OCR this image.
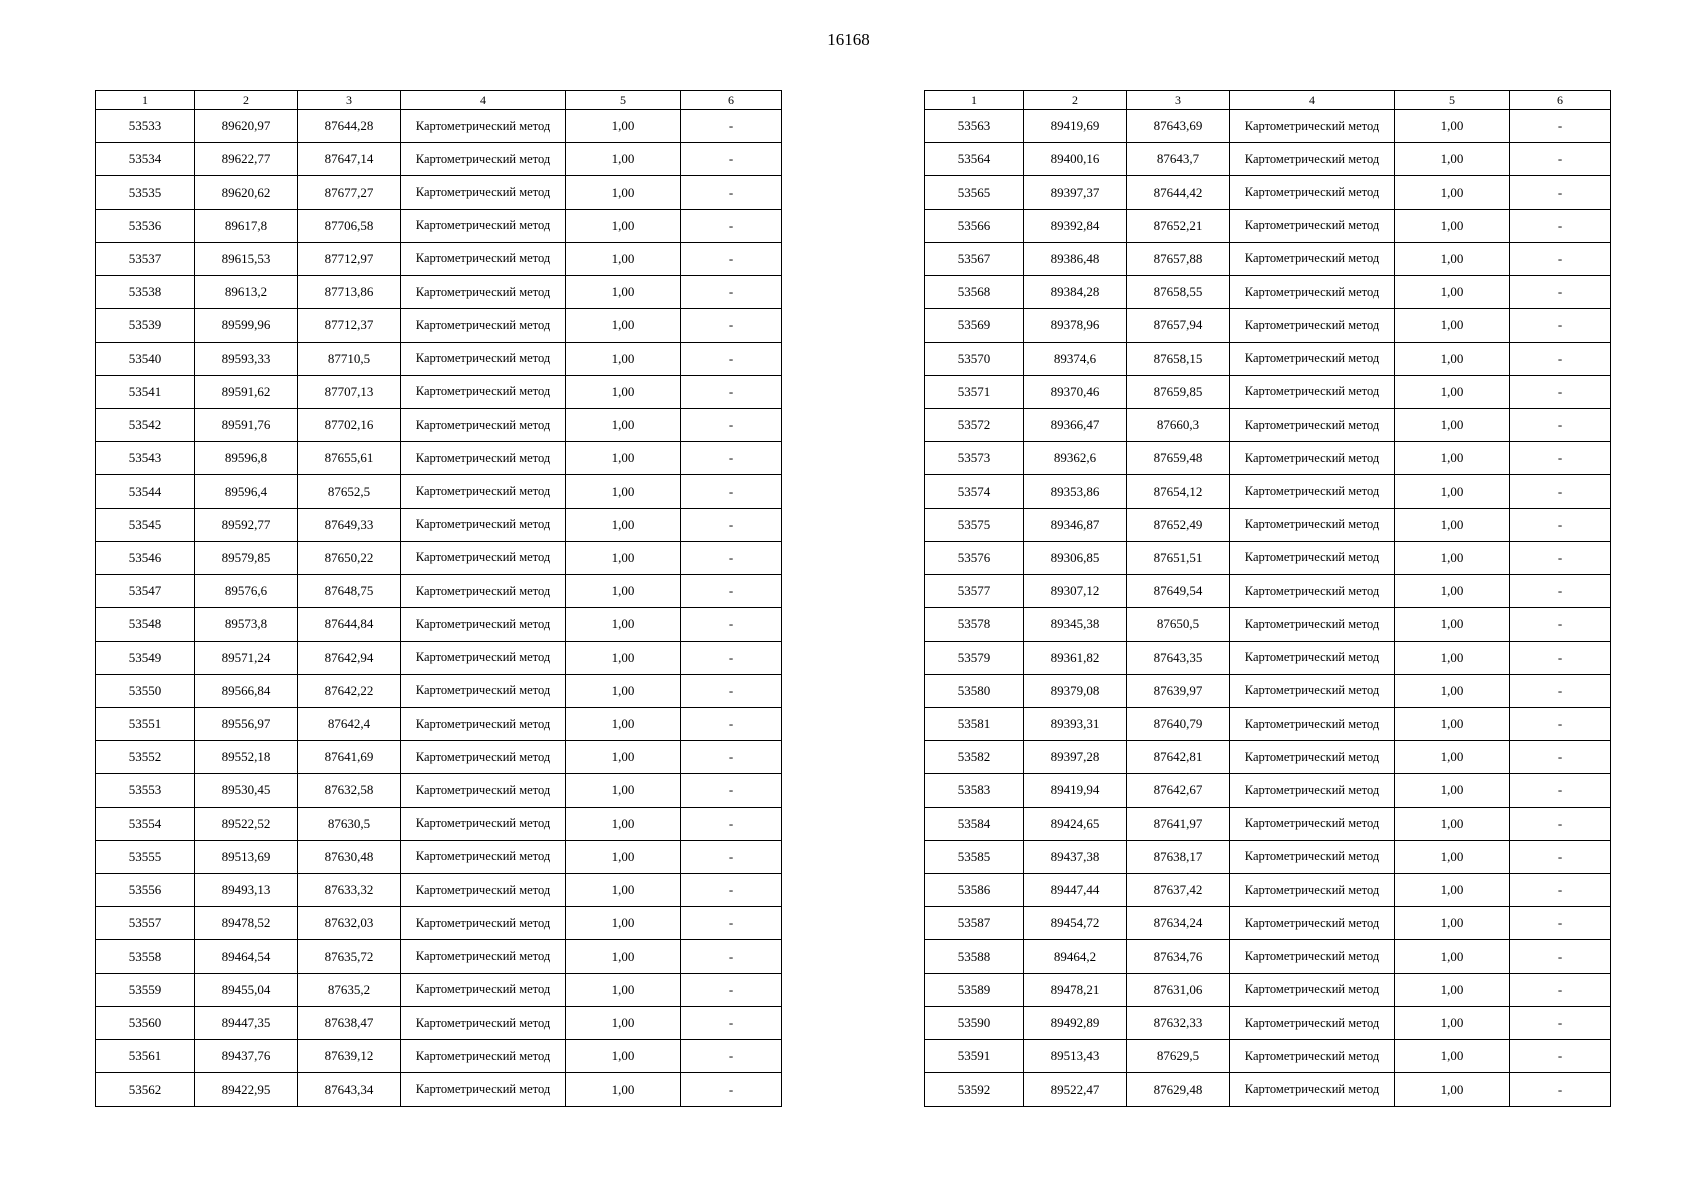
16168
1	2	3	4	5	6
53533	89620,97	87644,28	Картометрический метод	1,00	-
53534	89622,77	87647,14	Картометрический метод	1,00	-
53535	89620,62	87677,27	Картометрический метод	1,00	-
53536	89617,8	87706,58	Картометрический метод	1,00	-
53537	89615,53	87712,97	Картометрический метод	1,00	-
53538	89613,2	87713,86	Картометрический метод	1,00	-
53539	89599,96	87712,37	Картометрический метод	1,00	-
53540	89593,33	87710,5	Картометрический метод	1,00	-
53541	89591,62	87707,13	Картометрический метод	1,00	-
53542	89591,76	87702,16	Картометрический метод	1,00	-
53543	89596,8	87655,61	Картометрический метод	1,00	-
53544	89596,4	87652,5	Картометрический метод	1,00	-
53545	89592,77	87649,33	Картометрический метод	1,00	-
53546	89579,85	87650,22	Картометрический метод	1,00	-
53547	89576,6	87648,75	Картометрический метод	1,00	-
53548	89573,8	87644,84	Картометрический метод	1,00	-
53549	89571,24	87642,94	Картометрический метод	1,00	-
53550	89566,84	87642,22	Картометрический метод	1,00	-
53551	89556,97	87642,4	Картометрический метод	1,00	-
53552	89552,18	87641,69	Картометрический метод	1,00	-
53553	89530,45	87632,58	Картометрический метод	1,00	-
53554	89522,52	87630,5	Картометрический метод	1,00	-
53555	89513,69	87630,48	Картометрический метод	1,00	-
53556	89493,13	87633,32	Картометрический метод	1,00	-
53557	89478,52	87632,03	Картометрический метод	1,00	-
53558	89464,54	87635,72	Картометрический метод	1,00	-
53559	89455,04	87635,2	Картометрический метод	1,00	-
53560	89447,35	87638,47	Картометрический метод	1,00	-
53561	89437,76	87639,12	Картометрический метод	1,00	-
53562	89422,95	87643,34	Картометрический метод	1,00	-
1	2	3	4	5	6
53563	89419,69	87643,69	Картометрический метод	1,00	-
53564	89400,16	87643,7	Картометрический метод	1,00	-
53565	89397,37	87644,42	Картометрический метод	1,00	-
53566	89392,84	87652,21	Картометрический метод	1,00	-
53567	89386,48	87657,88	Картометрический метод	1,00	-
53568	89384,28	87658,55	Картометрический метод	1,00	-
53569	89378,96	87657,94	Картометрический метод	1,00	-
53570	89374,6	87658,15	Картометрический метод	1,00	-
53571	89370,46	87659,85	Картометрический метод	1,00	-
53572	89366,47	87660,3	Картометрический метод	1,00	-
53573	89362,6	87659,48	Картометрический метод	1,00	-
53574	89353,86	87654,12	Картометрический метод	1,00	-
53575	89346,87	87652,49	Картометрический метод	1,00	-
53576	89306,85	87651,51	Картометрический метод	1,00	-
53577	89307,12	87649,54	Картометрический метод	1,00	-
53578	89345,38	87650,5	Картометрический метод	1,00	-
53579	89361,82	87643,35	Картометрический метод	1,00	-
53580	89379,08	87639,97	Картометрический метод	1,00	-
53581	89393,31	87640,79	Картометрический метод	1,00	-
53582	89397,28	87642,81	Картометрический метод	1,00	-
53583	89419,94	87642,67	Картометрический метод	1,00	-
53584	89424,65	87641,97	Картометрический метод	1,00	-
53585	89437,38	87638,17	Картометрический метод	1,00	-
53586	89447,44	87637,42	Картометрический метод	1,00	-
53587	89454,72	87634,24	Картометрический метод	1,00	-
53588	89464,2	87634,76	Картометрический метод	1,00	-
53589	89478,21	87631,06	Картометрический метод	1,00	-
53590	89492,89	87632,33	Картометрический метод	1,00	-
53591	89513,43	87629,5	Картометрический метод	1,00	-
53592	89522,47	87629,48	Картометрический метод	1,00	-
